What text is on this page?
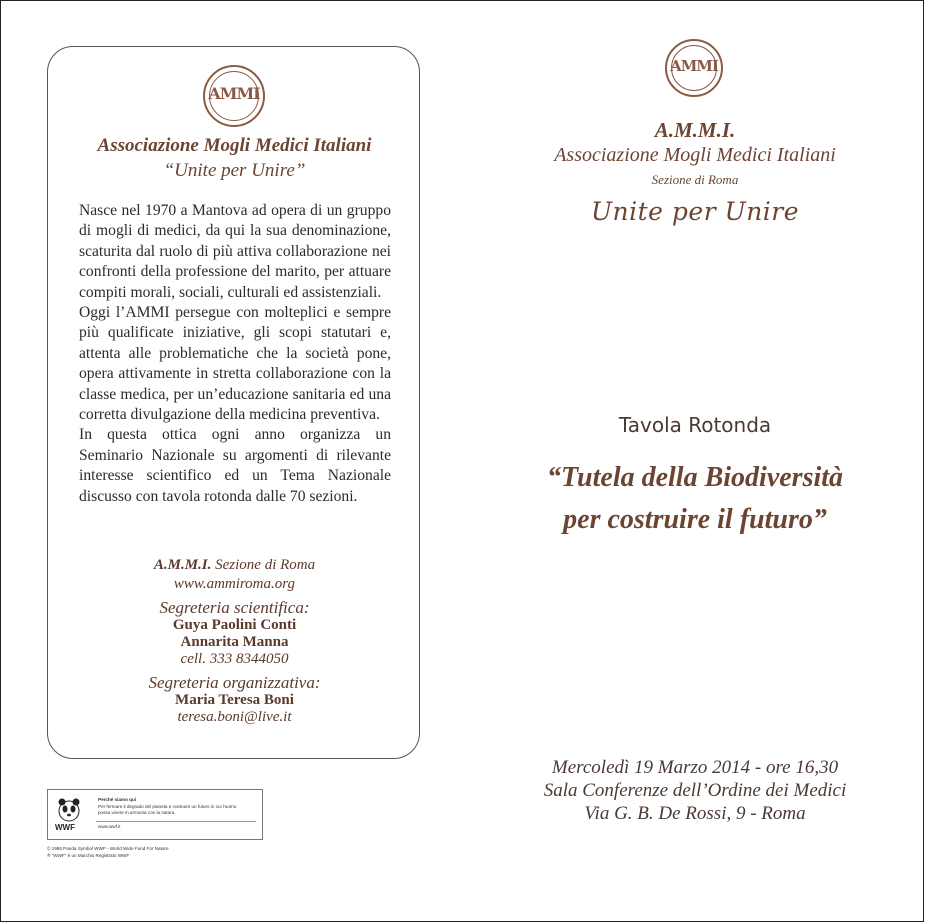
AMMI
Associazione Mogli Medici Italiani
“Unite per Unire”

Nasce nel 1970 a Mantova ad opera di un gruppo di mogli di medici, da qui la sua denominazione, scaturita dal ruolo di più attiva collaborazione nei confronti della professione del marito, per attuare compiti morali, sociali, culturali ed assistenziali.

Oggi l’AMMI persegue con molteplici e sempre più qualificate iniziative, gli scopi statutari e, attenta alle problematiche che la società pone, opera attivamente in stretta collaborazione con la classe medica, per un’educazione sanitaria ed una corretta divulgazione della medicina preventiva.

In questa ottica ogni anno organizza un Seminario Nazionale su argomenti di rilevante interesse scientifico ed un Tema Nazionale discusso con tavola rotonda dalle 70 sezioni.

A.M.M.I. Sezione di Roma
www.ammiroma.org
Segreteria scientifica:
Guya Paolini Conti
Annarita Manna
cell. 333 8344050
Segreteria organizzativa:
Maria Teresa Boni
teresa.boni@live.it
WWF
Perché siamo qui
Per fermare il degrado del pianeta e costruire un futuro in cui l'uomo
possa vivere in armonia con la natura.
www.wwf.it
© 1986 Panda Symbol WWF - World Wide Fund For Nature
® "WWF" è un Marchio Registrato WWF
AMMI
A.M.M.I.
Associazione Mogli Medici Italiani
Sezione di Roma
Unite per Unire
Tavola Rotonda
“Tutela della Biodiversità
per costruire il futuro”
Mercoledì 19 Marzo 2014 - ore 16,30
Sala Conferenze dell’Ordine dei Medici
Via G. B. De Rossi, 9 - Roma
